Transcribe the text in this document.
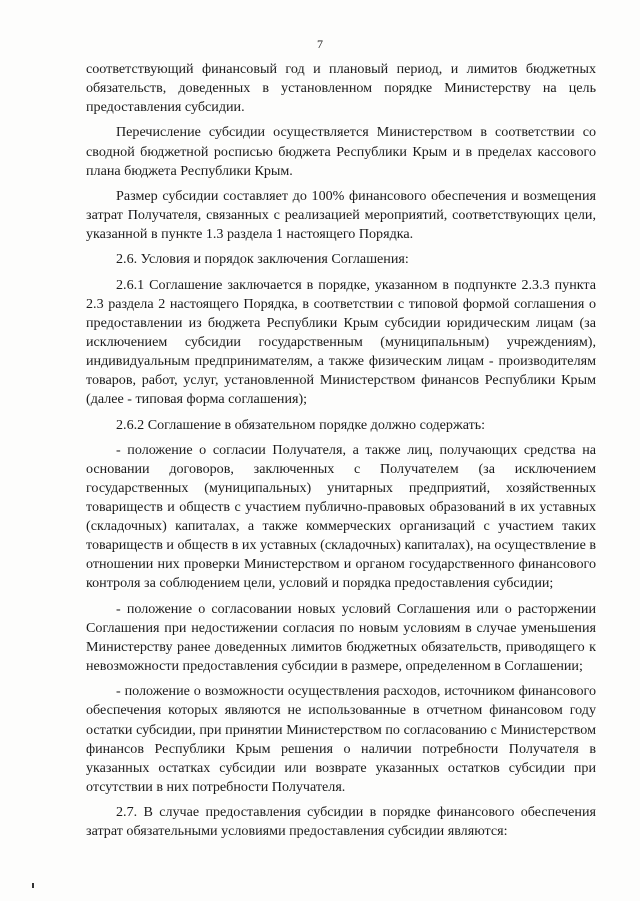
7

соответствующий финансовый год и плановый период, и лимитов бюджетных обязательств, доведенных в установленном порядке Министерству на цель предоставления субсидии.

Перечисление субсидии осуществляется Министерством в соответствии со сводной бюджетной росписью бюджета Республики Крым и в пределах кассового плана бюджета Республики Крым.

Размер субсидии составляет до 100% финансового обеспечения и возмещения затрат Получателя, связанных с реализацией мероприятий, соответствующих цели, указанной в пункте 1.3 раздела 1 настоящего Порядка.

2.6. Условия и порядок заключения Соглашения:

2.6.1 Соглашение заключается в порядке, указанном в подпункте 2.3.3 пункта 2.3 раздела 2 настоящего Порядка, в соответствии с типовой формой соглашения о предоставлении из бюджета Республики Крым субсидии юридическим лицам (за исключением субсидии государственным (муниципальным) учреждениям), индивидуальным предпринимателям, а также физическим лицам - производителям товаров, работ, услуг, установленной Министерством финансов Республики Крым (далее - типовая форма соглашения);

2.6.2 Соглашение в обязательном порядке должно содержать:

- положение о согласии Получателя, а также лиц, получающих средства на основании договоров, заключенных с Получателем (за исключением государственных (муниципальных) унитарных предприятий, хозяйственных товариществ и обществ с участием публично-правовых образований в их уставных (складочных) капиталах, а также коммерческих организаций с участием таких товариществ и обществ в их уставных (складочных) капиталах), на осуществление в отношении них проверки Министерством и органом государственного финансового контроля за соблюдением цели, условий и порядка предоставления субсидии;

- положение о согласовании новых условий Соглашения или о расторжении Соглашения при недостижении согласия по новым условиям в случае уменьшения Министерству ранее доведенных лимитов бюджетных обязательств, приводящего к невозможности предоставления субсидии в размере, определенном в Соглашении;

- положение о возможности осуществления расходов, источником финансового обеспечения которых являются не использованные в отчетном финансовом году остатки субсидии, при принятии Министерством по согласованию с Министерством финансов Республики Крым решения о наличии потребности Получателя в указанных остатках субсидии или возврате указанных остатков субсидии при отсутствии в них потребности Получателя.

2.7. В случае предоставления субсидии в порядке финансового обеспечения затрат обязательными условиями предоставления субсидии являются:
